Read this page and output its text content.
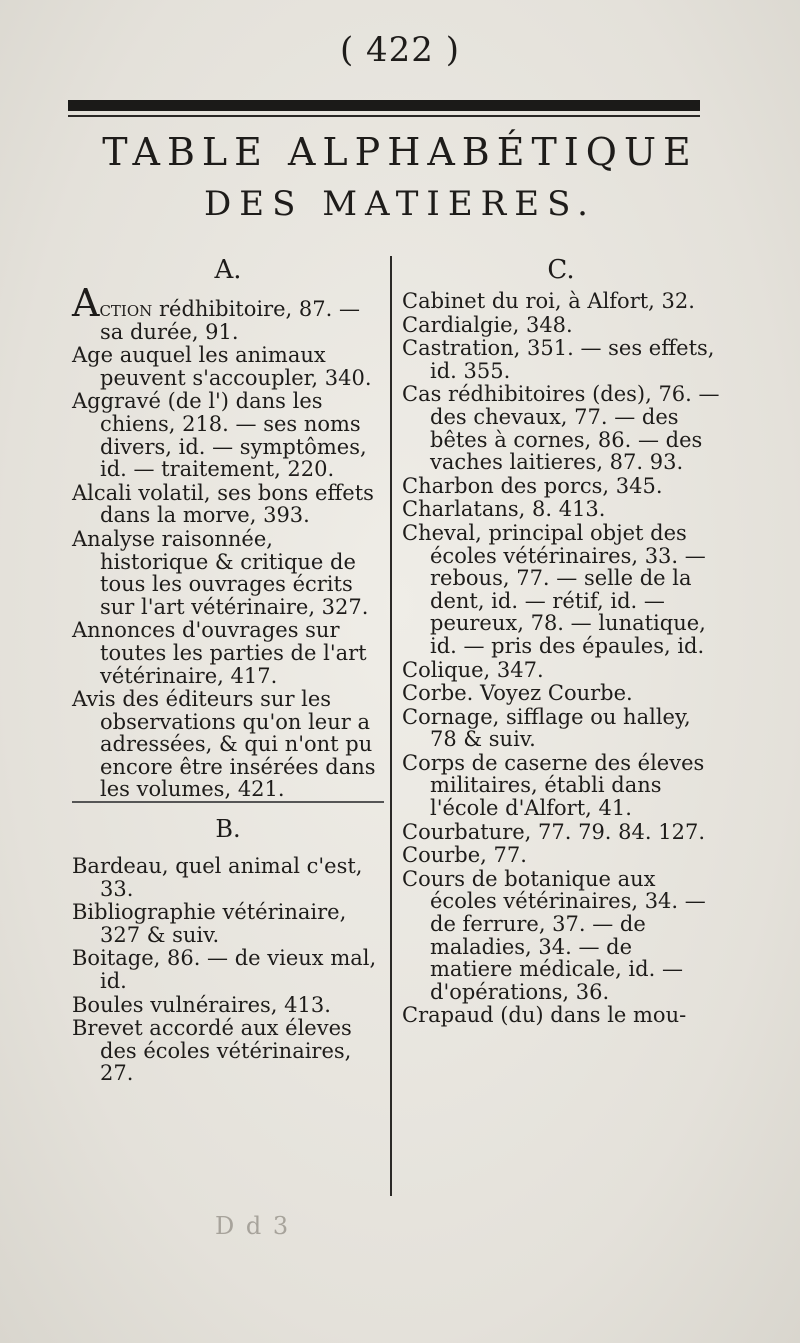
( 422 )
TABLE ALPHABÉTIQUE
DES MATIERES.
A.

Action rédhibitoire, 87. — sa durée, 91.

Age auquel les animaux peuvent s'accoupler, 340.

Aggravé (de l') dans les chiens, 218. — ses noms divers, id. — symptômes, id. — traitement, 220.

Alcali volatil, ses bons effets dans la morve, 393.

Analyse raisonnée, historique & critique de tous les ouvrages écrits sur l'art vétérinaire, 327.

Annonces d'ouvrages sur toutes les parties de l'art vétérinaire, 417.

Avis des éditeurs sur les observations qu'on leur a adressées, & qui n'ont pu encore être insérées dans les volumes, 421.

B.

Bardeau, quel animal c'est, 33.

Bibliographie vétérinaire, 327 & suiv.

Boitage, 86. — de vieux mal, id.

Boules vulnéraires, 413.

Brevet accordé aux éleves des écoles vétérinaires, 27.

C.

Cabinet du roi, à Alfort, 32.

Cardialgie, 348.

Castration, 351. — ses effets, id. 355.

Cas rédhibitoires (des), 76. — des chevaux, 77. — des bêtes à cornes, 86. — des vaches laitieres, 87. 93.

Charbon des porcs, 345.

Charlatans, 8. 413.

Cheval, principal objet des écoles vétérinaires, 33. — rebous, 77. — selle de la dent, id. — rétif, id. — peureux, 78. — lunatique, id. — pris des épaules, id.

Colique, 347.

Corbe. Voyez Courbe.

Cornage, sifflage ou halley, 78 & suiv.

Corps de caserne des éleves militaires, établi dans l'école d'Alfort, 41.

Courbature, 77. 79. 84. 127.

Courbe, 77.

Cours de botanique aux écoles vétérinaires, 34. — de ferrure, 37. — de maladies, 34. — de matiere médicale, id. — d'opérations, 36.

Crapaud (du) dans le mou-

D d 3
